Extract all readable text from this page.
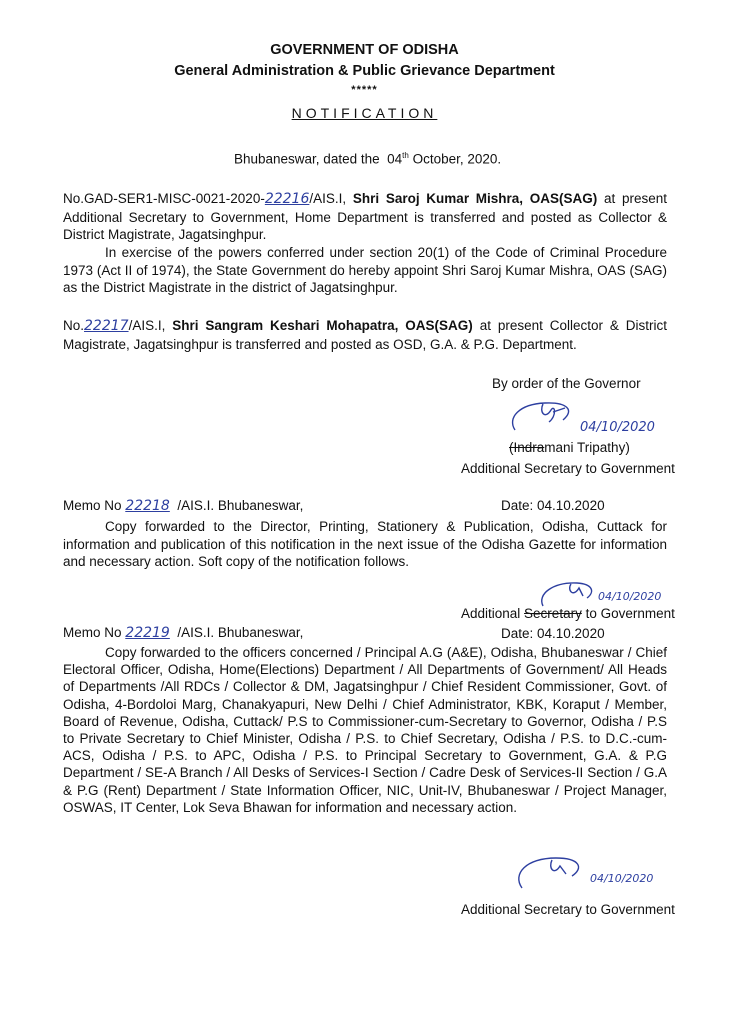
GOVERNMENT OF ODISHA
General Administration & Public Grievance Department
*****
NOTIFICATION
Bhubaneswar, dated the 04th October, 2020.
No.GAD-SER1-MISC-0021-2020-22216/AIS.I, Shri Saroj Kumar Mishra, OAS(SAG) at present Additional Secretary to Government, Home Department is transferred and posted as Collector & District Magistrate, Jagatsinghpur.
In exercise of the powers conferred under section 20(1) of the Code of Criminal Procedure 1973 (Act II of 1974), the State Government do hereby appoint Shri Saroj Kumar Mishra, OAS (SAG) as the District Magistrate in the district of Jagatsinghpur.
No.22217/AIS.I, Shri Sangram Keshari Mohapatra, OAS(SAG) at present Collector & District Magistrate, Jagatsinghpur is transferred and posted as OSD, G.A. & P.G. Department.
By order of the Governor
04/10/2020
(Indramani Tripathy)
Additional Secretary to Government
Memo No 22218 /AIS.I. Bhubaneswar,	Date: 04.10.2020
Copy forwarded to the Director, Printing, Stationery & Publication, Odisha, Cuttack for information and publication of this notification in the next issue of the Odisha Gazette for information and necessary action. Soft copy of the notification follows.
04/10/2020
Additional Secretary to Government
Memo No 22219 /AIS.I. Bhubaneswar,	Date: 04.10.2020
Copy forwarded to the officers concerned / Principal A.G (A&E), Odisha, Bhubaneswar / Chief Electoral Officer, Odisha, Home(Elections) Department / All Departments of Government/ All Heads of Departments /All RDCs / Collector & DM, Jagatsinghpur / Chief Resident Commissioner, Govt. of Odisha, 4-Bordoloi Marg, Chanakyapuri, New Delhi / Chief Administrator, KBK, Koraput / Member, Board of Revenue, Odisha, Cuttack/ P.S to Commissioner-cum-Secretary to Governor, Odisha / P.S to Private Secretary to Chief Minister, Odisha / P.S. to Chief Secretary, Odisha / P.S. to D.C.-cum-ACS, Odisha / P.S. to APC, Odisha / P.S. to Principal Secretary to Government, G.A. & P.G Department / SE-A Branch / All Desks of Services-I Section / Cadre Desk of Services-II Section / G.A & P.G (Rent) Department / State Information Officer, NIC, Unit-IV, Bhubaneswar / Project Manager, OSWAS, IT Center, Lok Seva Bhawan for information and necessary action.
04/10/2020
Additional Secretary to Government
